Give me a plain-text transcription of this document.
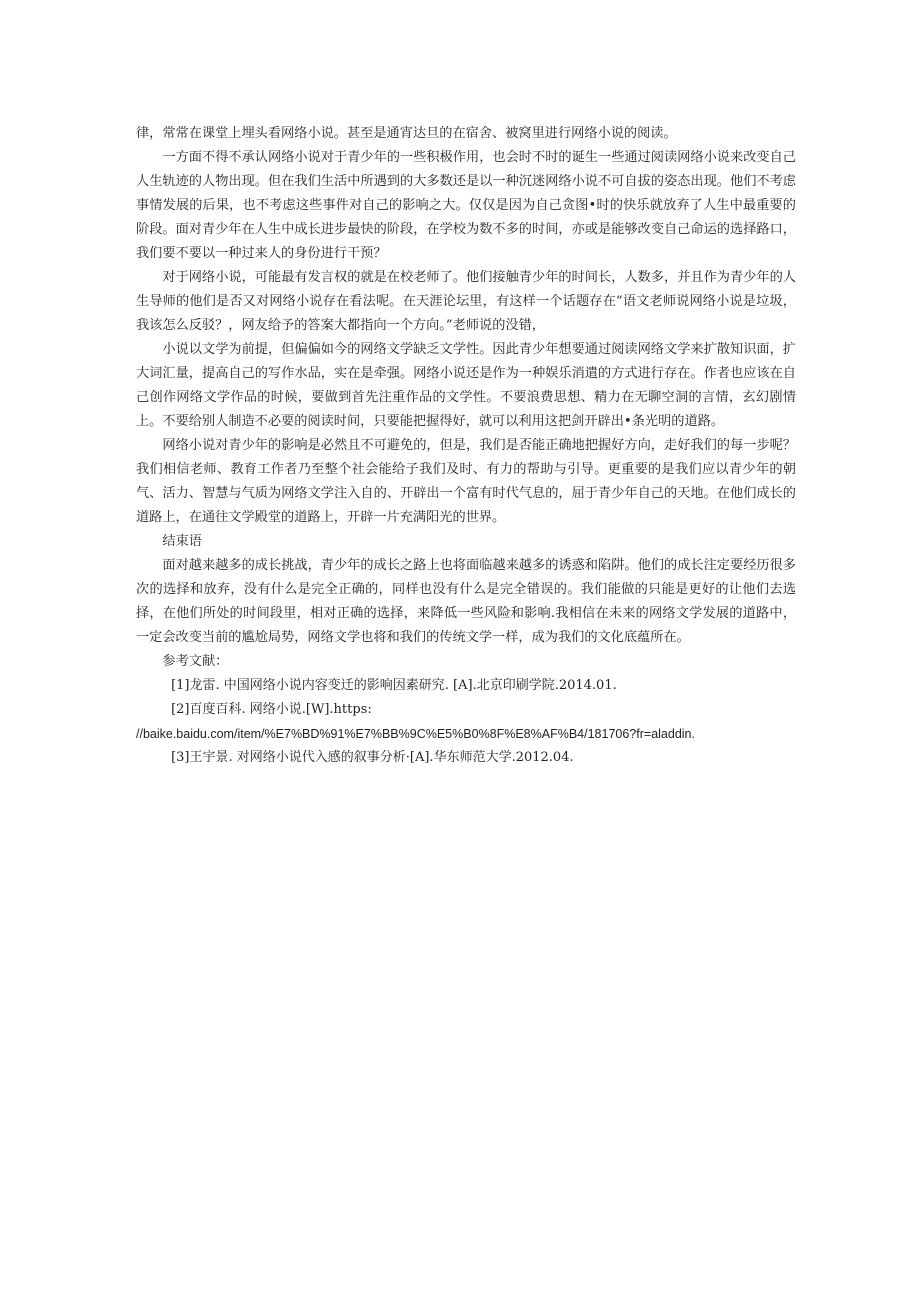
律，常常在课堂上埋头看网络小说。甚至是通宵达旦的在宿舍、被窝里进行网络小说的阅读。

一方面不得不承认网络小说对于青少年的一些积极作用，也会时不时的诞生一些通过阅读网络小说来改变自己人生轨迹的人物出现。但在我们生活中所遇到的大多数还是以一种沉迷网络小说不可自拔的姿态出现。他们不考虑事情发展的后果，也不考虑这些事件对自己的影响之大。仅仅是因为自己贪图•时的快乐就放弃了人生中最重要的阶段。面对青少年在人生中成长进步最快的阶段，在学校为数不多的时间，亦或是能够改变自己命运的选择路口，我们要不要以一种过来人的身份进行干预？

对于网络小说，可能最有发言权的就是在校老师了。他们接触青少年的时间长，人数多，并且作为青少年的人生导师的他们是否又对网络小说存在看法呢。在天涯论坛里，有这样一个话题存在“语文老师说网络小说是垃圾，我该怎么反驳？，网友给予的答案大都指向一个方向。”老师说的没错，

小说以文学为前提，但偏偏如今的网络文学缺乏文学性。因此青少年想要通过阅读网络文学来扩散知识面，扩大词汇量，提高自己的写作水品，实在是牵强。网络小说还是作为一种娱乐消遣的方式进行存在。作者也应该在自己创作网络文学作品的时候，要做到首先注重作品的文学性。不要浪费思想、精力在无聊空洞的言情，玄幻剧情上。不要给别人制造不必要的阅读时间，只要能把握得好，就可以利用这把剑开辟出•条光明的道路。

网络小说对青少年的影响是必然且不可避免的，但是，我们是否能正确地把握好方向，走好我们的每一步呢？我们相信老师、教育工作者乃至整个社会能给子我们及时、有力的帮助与引导。更重要的是我们应以青少年的朝气、活力、智慧与气质为网络文学注入自的、开辟出一个富有时代气息的，屈于青少年自己的天地。在他们成长的道路上，在通往文学殿堂的道路上，开辟一片充满阳光的世界。

结束语

面对越来越多的成长挑战，青少年的成长之路上也将面临越来越多的诱惑和陷阱。他们的成长注定要经历很多次的选择和放弃，没有什么是完全正确的，同样也没有什么是完全错误的。我们能做的只能是更好的让他们去选择，在他们所处的时间段里，相对正确的选择，来降低一些风险和影响.我相信在未来的网络文学发展的道路中，一定会改变当前的尴尬局势，网络文学也将和我们的传统文学一样，成为我们的文化底蕴所在。

参考文献：

[1]龙雷. 中国网络小说内容变迁的影响因素研究. [A].北京印刷学院.2014.01.

[2]百度百科. 网络小说.[W].https:

//baike.baidu.com/item/%E7%BD%91%E7%BB%9C%E5%B0%8F%E8%AF%B4/181706?fr=aladdin.

[3]王宇景. 对网络小说代入感的叙事分析·[A].华东师范大学.2012.04.
